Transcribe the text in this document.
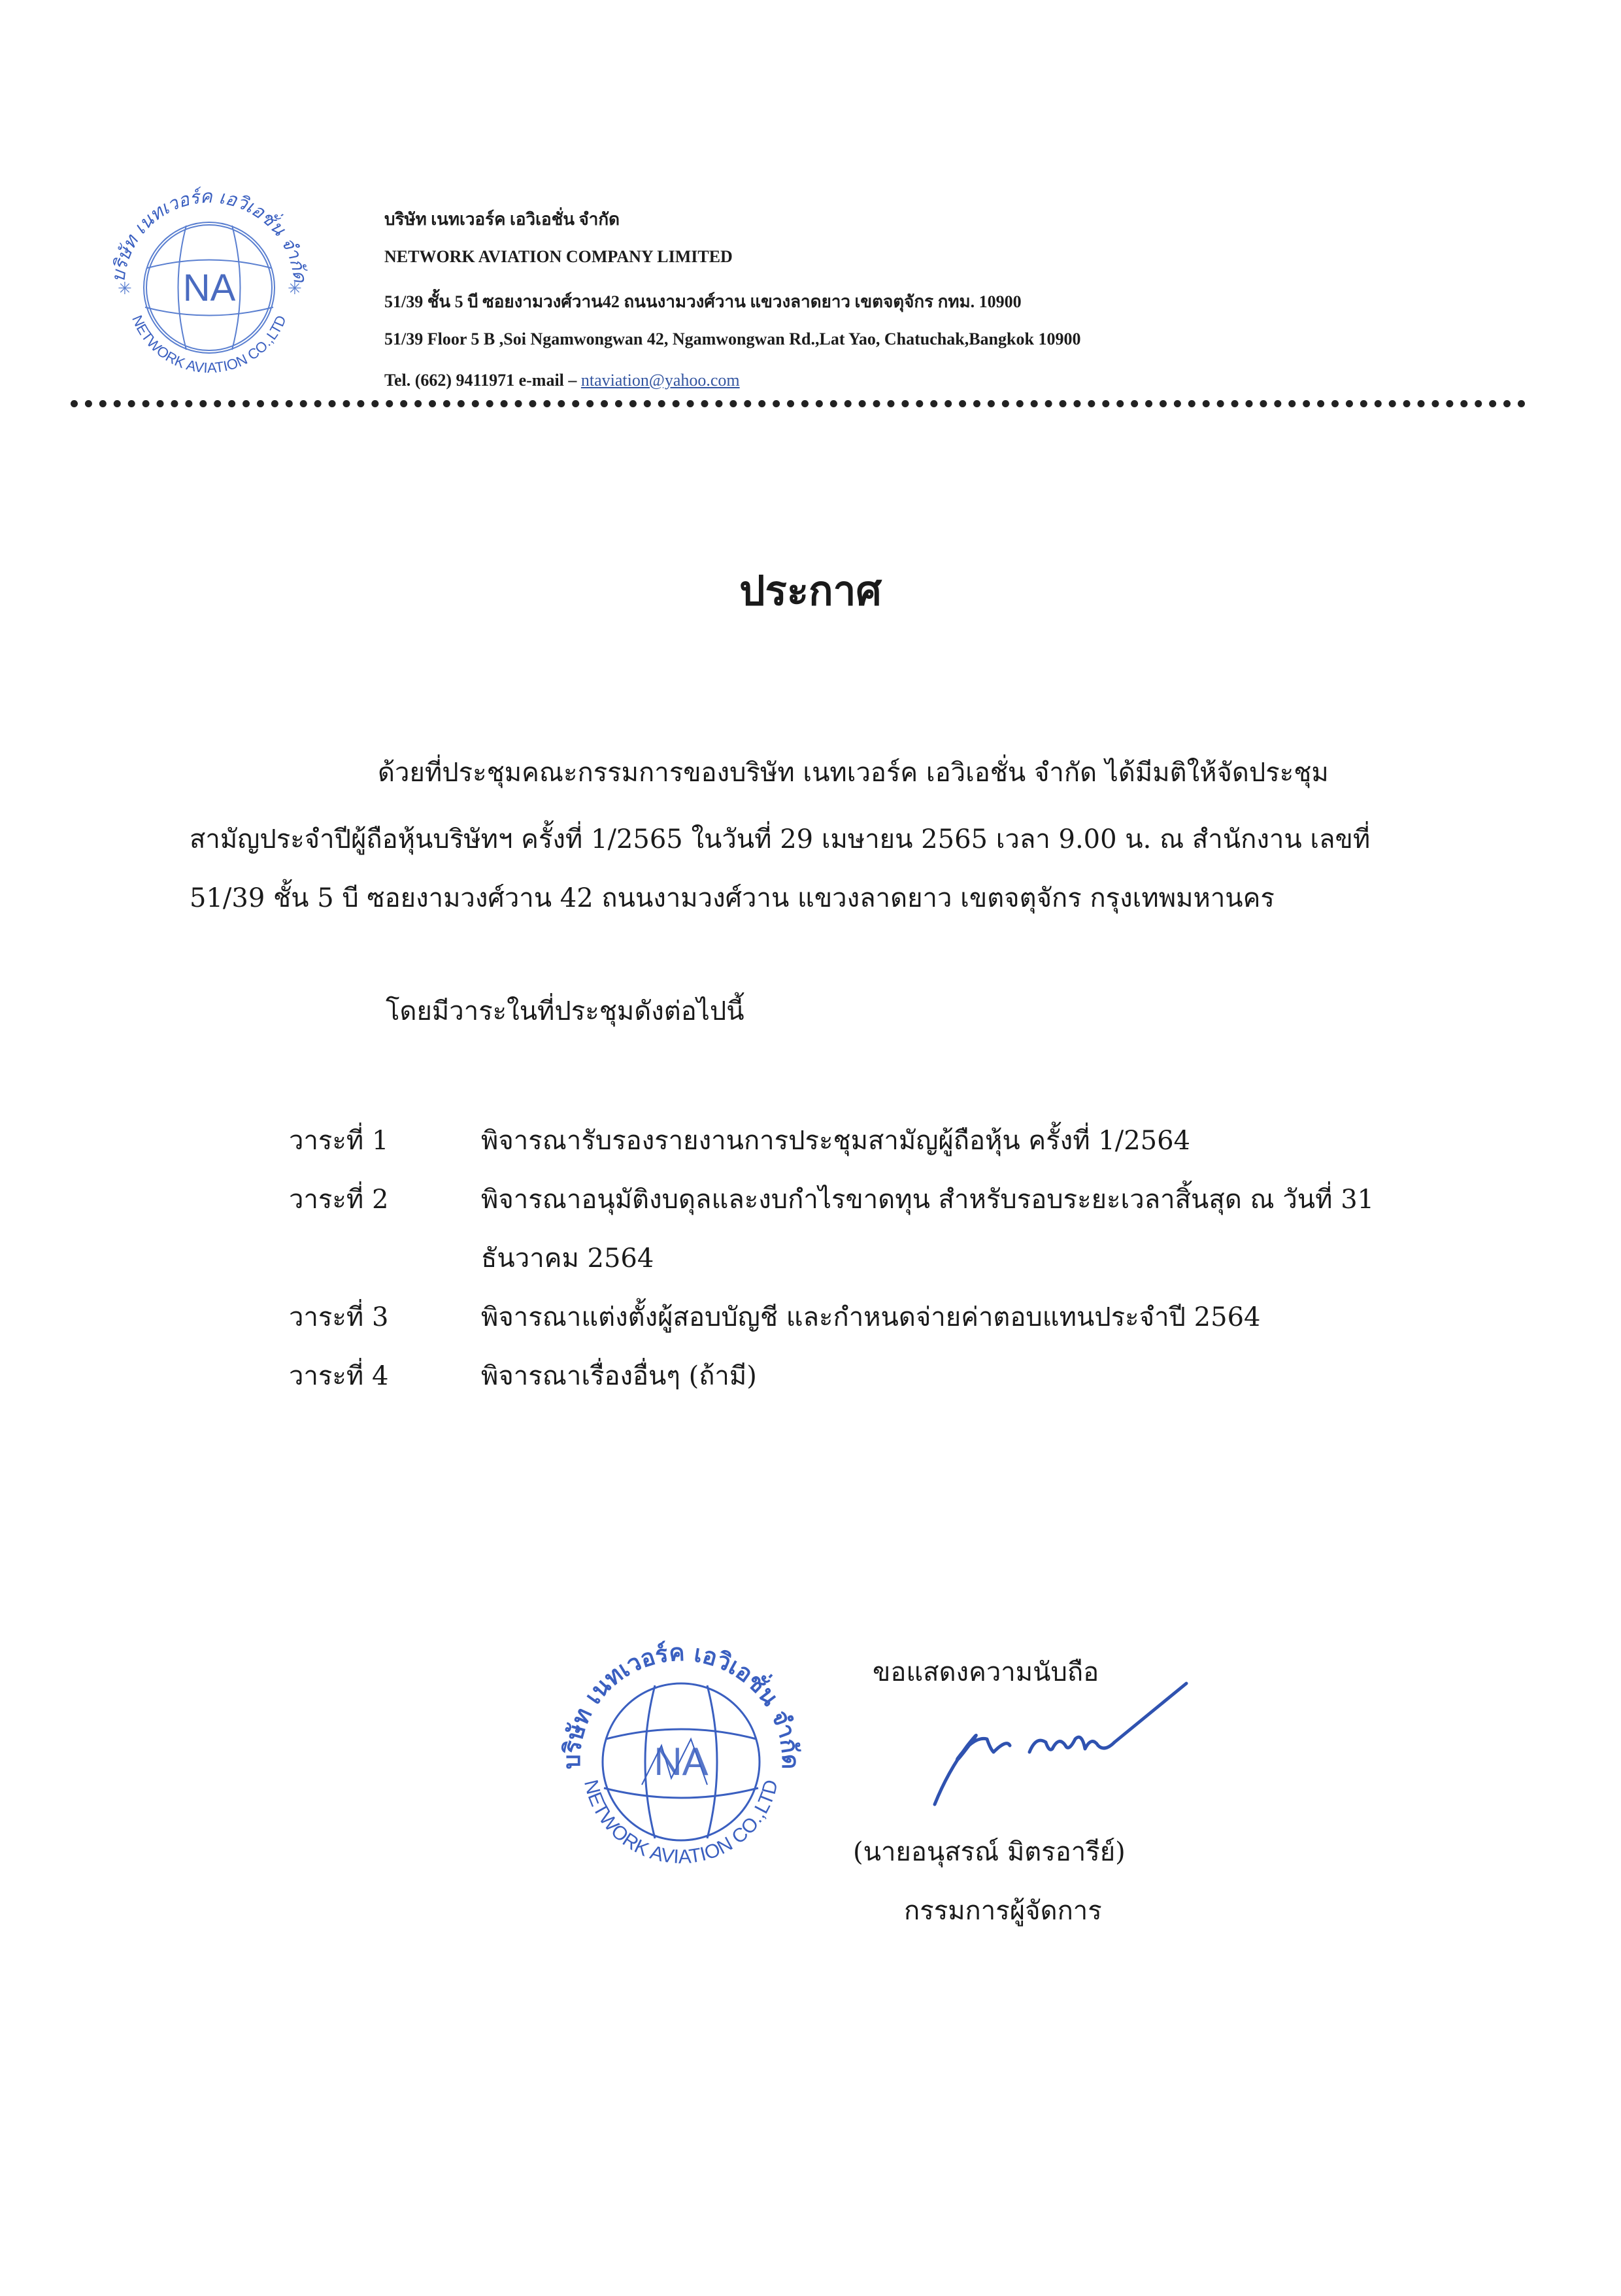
NA
บริษัท เนทเวอร์ค เอวิเอชั่น จำกัด
NETWORK AVIATION CO.,LTD
✳	✳
บริษัท เนทเวอร์ค เอวิเอชั่น จำกัด
NETWORK AVIATION COMPANY LIMITED
51/39 ชั้น 5 บี ซอยงามวงศ์วาน42 ถนนงามวงศ์วาน แขวงลาดยาว เขตจตุจักร กทม. 10900
51/39 Floor 5 B ,Soi Ngamwongwan 42, Ngamwongwan Rd.,Lat Yao, Chatuchak,Bangkok 10900
Tel. (662) 9411971 e-mail – ntaviation@yahoo.com
ประกาศ
ด้วยที่ประชุมคณะกรรมการของบริษัท เนทเวอร์ค เอวิเอชั่น จำกัด ได้มีมติให้จัดประชุม
สามัญประจำปีผู้ถือหุ้นบริษัทฯ ครั้งที่ 1/2565 ในวันที่ 29 เมษายน 2565 เวลา 9.00 น. ณ สำนักงาน เลขที่
51/39 ชั้น 5 บี ซอยงามวงศ์วาน 42 ถนนงามวงศ์วาน แขวงลาดยาว เขตจตุจักร กรุงเทพมหานคร
โดยมีวาระในที่ประชุมดังต่อไปนี้
วาระที่ 1	พิจารณารับรองรายงานการประชุมสามัญผู้ถือหุ้น ครั้งที่ 1/2564
วาระที่ 2	พิจารณาอนุมัติงบดุลและงบกำไรขาดทุน สำหรับรอบระยะเวลาสิ้นสุด ณ วันที่ 31
ธันวาคม 2564
วาระที่ 3	พิจารณาแต่งตั้งผู้สอบบัญชี และกำหนดจ่ายค่าตอบแทนประจำปี 2564
วาระที่ 4	พิจารณาเรื่องอื่นๆ (ถ้ามี)
NA
บริษัท เนทเวอร์ค เอวิเอชั่น จำกัด
NETWORK AVIATION CO.,LTD
ขอแสดงความนับถือ
(นายอนุสรณ์ มิตรอารีย์)
กรรมการผู้จัดการ
